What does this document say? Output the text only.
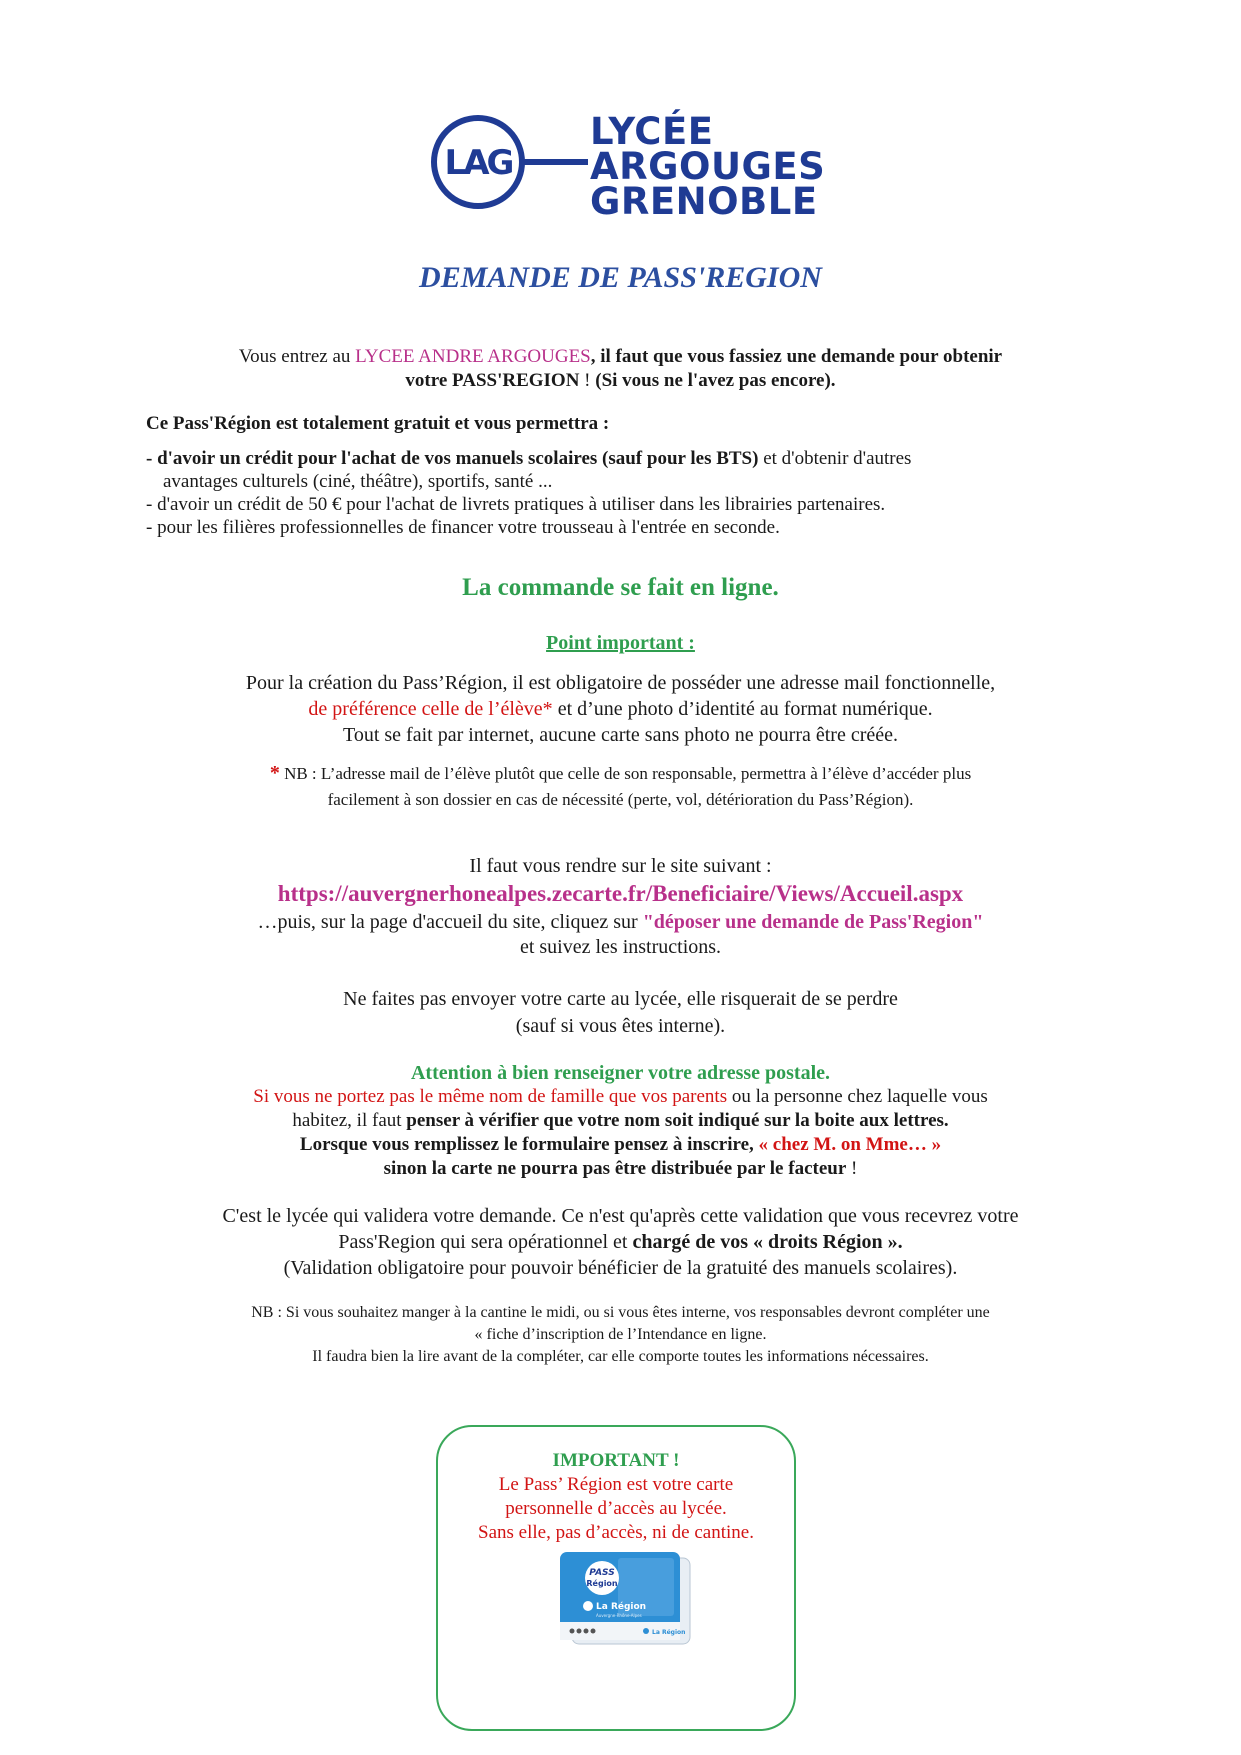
LAG
LYCÉE
ARGOUGES
GRENOBLE
DEMANDE DE PASS'REGION
Vous entrez au LYCEE ANDRE ARGOUGES, il faut que vous fassiez une demande pour obtenir
votre PASS'REGION ! (Si vous ne l'avez pas encore).
Ce Pass'Région est totalement gratuit et vous permettra :
- d'avoir un crédit pour l'achat de vos manuels scolaires (sauf pour les BTS) et d'obtenir d'autres
avantages culturels (ciné, théâtre), sportifs, santé ...
- d'avoir un crédit de 50 € pour l'achat de livrets pratiques à utiliser dans les librairies partenaires.
- pour les filières professionnelles de financer votre trousseau à l'entrée en seconde.
La commande se fait en ligne.
Point important :
Pour la création du Pass’Région, il est obligatoire de posséder une adresse mail fonctionnelle,
de préférence celle de l’élève* et d’une photo d’identité au format numérique.
Tout se fait par internet, aucune carte sans photo ne pourra être créée.
* NB : L’adresse mail de l’élève plutôt que celle de son responsable, permettra à l’élève d’accéder plus
facilement à son dossier en cas de nécessité (perte, vol, détérioration du Pass’Région).
Il faut vous rendre sur le site suivant :
https://auvergnerhonealpes.zecarte.fr/Beneficiaire/Views/Accueil.aspx
…puis, sur la page d'accueil du site, cliquez sur "déposer une demande de Pass'Region"
et suivez les instructions.
Ne faites pas envoyer votre carte au lycée, elle risquerait de se perdre
(sauf si vous êtes interne).
Attention à bien renseigner votre adresse postale.
Si vous ne portez pas le même nom de famille que vos parents ou la personne chez laquelle vous
habitez, il faut penser à vérifier que votre nom soit indiqué sur la boite aux lettres.
Lorsque vous remplissez le formulaire pensez à inscrire, « chez M. on Mme… »
sinon la carte ne pourra pas être distribuée par le facteur !
C'est le lycée qui validera votre demande. Ce n'est qu'après cette validation que vous recevrez votre
Pass'Region qui sera opérationnel et chargé de vos « droits Région ».
(Validation obligatoire pour pouvoir bénéficier de la gratuité des manuels scolaires).
NB : Si vous souhaitez manger à la cantine le midi, ou si vous êtes interne, vos responsables devront compléter une
« fiche d’inscription de l’Intendance en ligne.
Il faudra bien la lire avant de la compléter, car elle comporte toutes les informations nécessaires.
IMPORTANT !
Le Pass’ Région est votre carte
personnelle d’accès au lycée.
Sans elle, pas d’accès, ni de cantine.
PASS
Région
La Région
Auvergne-Rhône-Alpes
La Région
